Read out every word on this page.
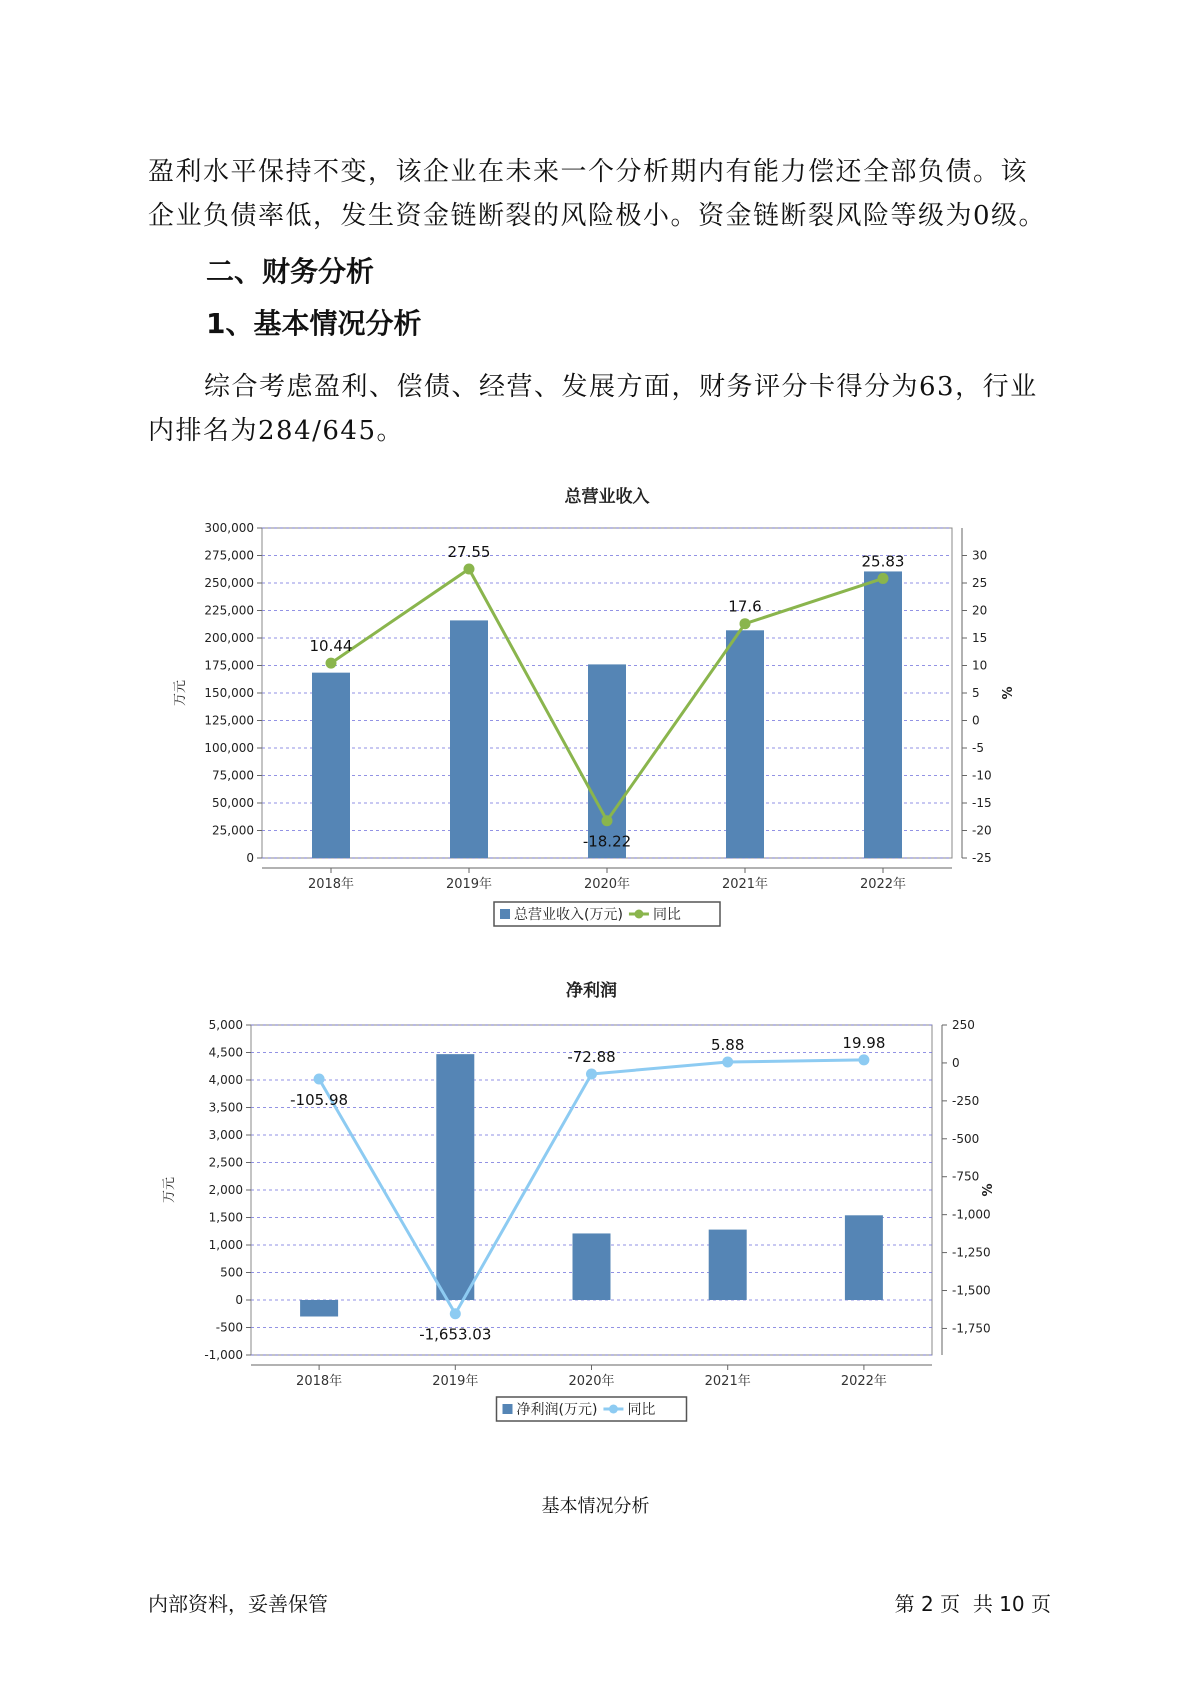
盈利水平保持不变，该企业在未来一个分析期内有能力偿还全部负债。该企业负债率低，发生资金链断裂的风险极小。资金链断裂风险等级为0级。

二、财务分析
1、基本情况分析

综合考虑盈利、偿债、经营、发展方面，财务评分卡得分为63，行业内排名为284/645。

总营业收入
0
25,000
50,000
75,000
100,000
125,000
150,000
175,000
200,000
225,000
250,000
275,000
300,000
-25
-20
-15
-10
-5
0
5
10
15
20
25
30
万元	%
2018年	2019年	2020年	2021年	2022年
10.44
27.55
-18.22
17.6
25.83
总营业收入(万元) 同比
净利润
-1,000
-500
0
500
1,000
1,500
2,000
2,500
3,000
3,500
4,000
4,500
5,000
-1,750
-1,500
-1,250
-1,000
-750
-500
-250
0
250
万元	%
2018年	2019年	2020年	2021年	2022年
-105.98
-1,653.03
-72.88
5.88	19.98
净利润(万元) 同比

基本情况分析

内部资料，妥善保管	第 2 页  共 10 页
